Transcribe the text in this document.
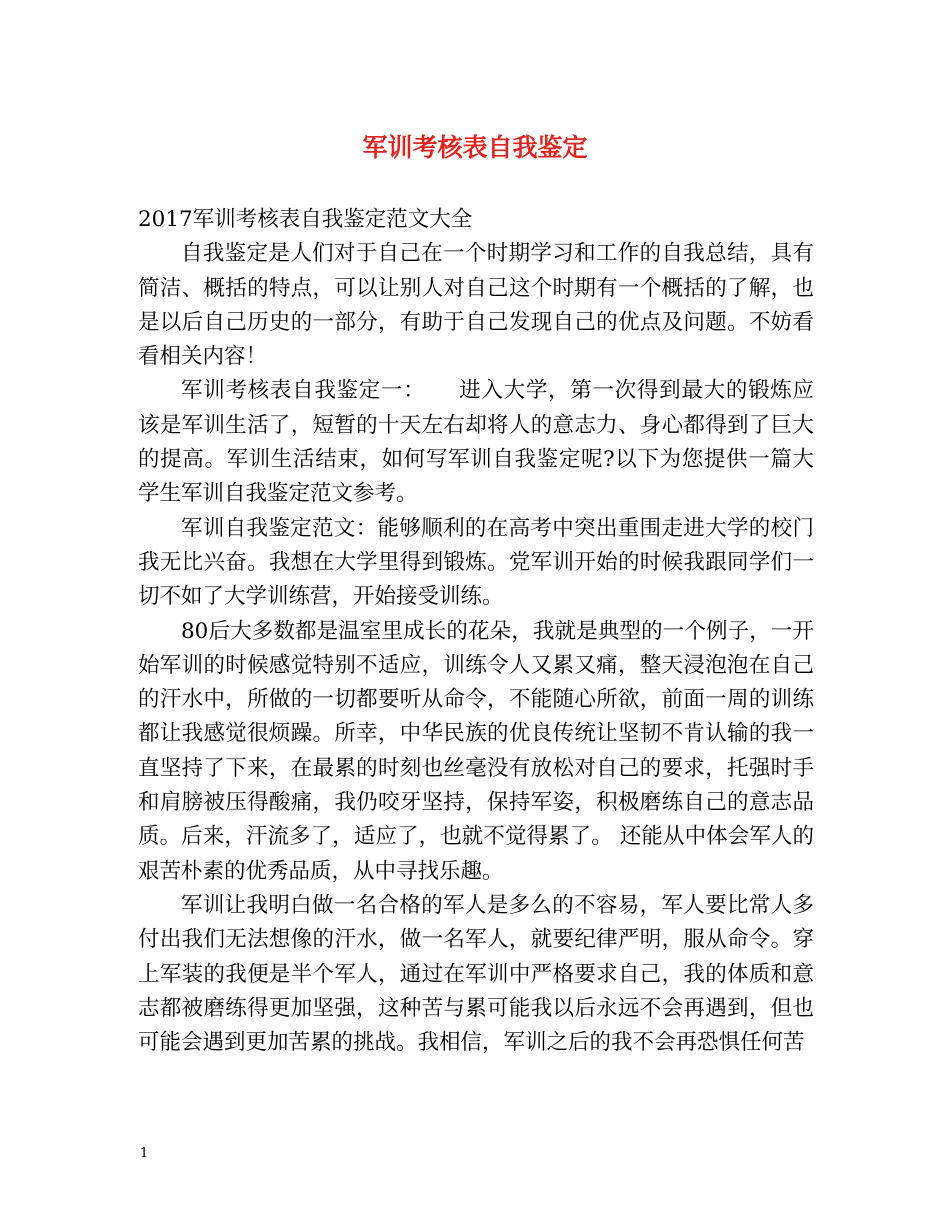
军训考核表自我鉴定

2017军训考核表自我鉴定范文大全

自我鉴定是人们对于自己在一个时期学习和工作的自我总结，具有简洁、概括的特点，可以让别人对自己这个时期有一个概括的了解，也是以后自己历史的一部分，有助于自己发现自己的优点及问题。不妨看看相关内容！

军训考核表自我鉴定一：　　进入大学，第一次得到最大的锻炼应该是军训生活了，短暂的十天左右却将人的意志力、身心都得到了巨大的提高。军训生活结束，如何写军训自我鉴定呢?以下为您提供一篇大学生军训自我鉴定范文参考。

军训自我鉴定范文：能够顺利的在高考中突出重围走进大学的校门我无比兴奋。我想在大学里得到锻炼。党军训开始的时候我跟同学们一切不如了大学训练营，开始接受训练。

80后大多数都是温室里成长的花朵，我就是典型的一个例子，一开始军训的时候感觉特别不适应，训练令人又累又痛，整天浸泡泡在自己的汗水中，所做的一切都要听从命令，不能随心所欲，前面一周的训练都让我感觉很烦躁。所幸，中华民族的优良传统让坚韧不肯认输的我一直坚持了下来，在最累的时刻也丝毫没有放松对自己的要求，托强时手和肩膀被压得酸痛，我仍咬牙坚持，保持军姿，积极磨练自己的意志品质。后来，汗流多了，适应了，也就不觉得累了。 还能从中体会军人的艰苦朴素的优秀品质，从中寻找乐趣。

军训让我明白做一名合格的军人是多么的不容易，军人要比常人多付出我们无法想像的汗水，做一名军人，就要纪律严明，服从命令。穿上军装的我便是半个军人，通过在军训中严格要求自己，我的体质和意志都被磨练得更加坚强，这种苦与累可能我以后永远不会再遇到，但也可能会遇到更加苦累的挑战。我相信，军训之后的我不会再恐惧任何苦

1
